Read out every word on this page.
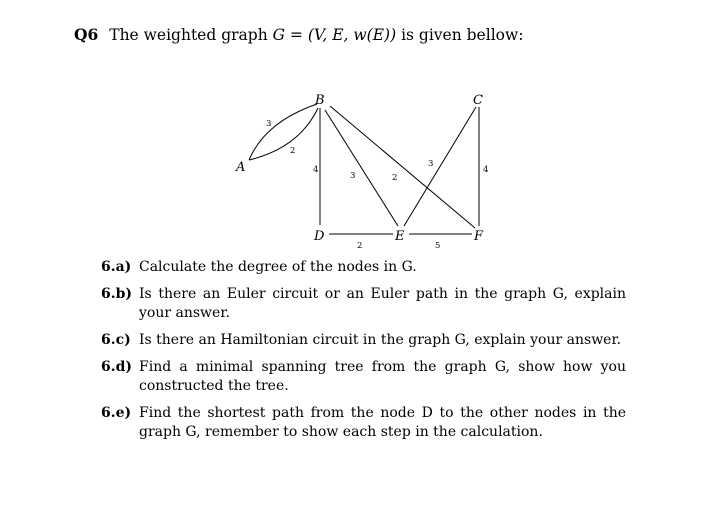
Q6 The weighted graph G = (V, E, w(E)) is given bellow:
3
2
4
3	2
3
4
2	5
A
B	C
D	E	F
6.a) Calculate the degree of the nodes in G.
6.b) Is there an Euler circuit or an Euler path in the graph G, explain your answer.
6.c) Is there an Hamiltonian circuit in the graph G, explain your answer.
6.d) Find a minimal spanning tree from the graph G, show how you constructed the tree.
6.e) Find the shortest path from the node D to the other nodes in the graph G, remember to show each step in the calculation.
